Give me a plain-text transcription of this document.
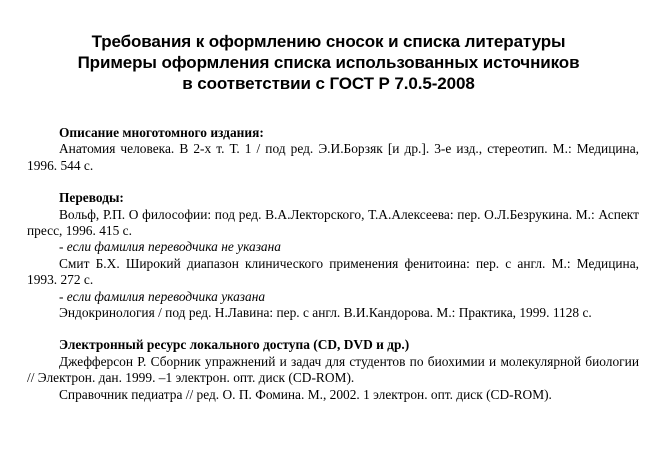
Требования к оформлению сносок и списка литературы
Примеры оформления списка использованных источников
в соответствии с ГОСТ Р 7.0.5-2008
Описание многотомного издания:

Анатомия человека. В 2-х т. Т. 1 / под ред. Э.И.Борзяк [и др.]. 3-е изд., стереотип. М.: Медицина, 1996. 544 с.

Переводы:

Вольф, Р.П. О философии: под ред. В.А.Лекторского, Т.А.Алексеева: пер. О.Л.Безрукина. М.: Аспект пресс, 1996. 415 с.

- если фамилия переводчика не указана

Смит Б.Х. Широкий диапазон клинического применения фенитоина: пер. с англ. М.: Медицина, 1993. 272 с.

- если фамилия переводчика указана

Эндокринология / под ред. Н.Лавина: пер. с англ. В.И.Кандорова. М.: Практика, 1999. 1128 с.

Электронный ресурс локального доступа (CD, DVD и др.)

Джефферсон Р. Сборник упражнений и задач для студентов по биохимии и молекулярной биологии // Электрон. дан. 1999. –1 электрон. опт. диск (CD-ROM).

Справочник педиатра // ред. О. П. Фомина. М., 2002. 1 электрон. опт. диск (CD-ROM).
